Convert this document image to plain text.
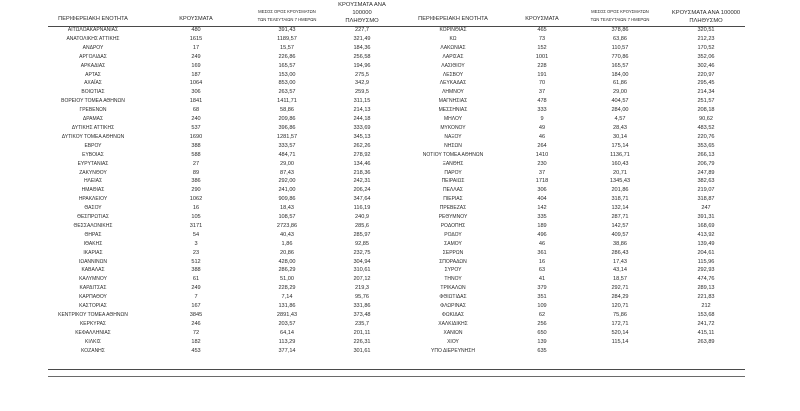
ΠΕΡΙΦΕΡΕΙΑΚΗ ΕΝΟΤΗΤΑ	ΚΡΟΥΣΜΑΤΑ
ΜΕΣΟΣ ΟΡΟΣ ΚΡΟΥΣΜΑΤΩΝ
ΤΩΝ ΤΕΛΕΥΤΑΙΩΝ 7 ΗΜΕΡΩΝ
ΚΡΟΥΣΜΑΤΑ ΑΝΑ 100000
ΠΛΗΘΥΣΜΟ
ΑΙΤΩΛΟΑΚΑΡΝΑΝΙΑΣ	480	391,43	227,7
ΑΝΑΤΟΛΙΚΗΣ ΑΤΤΙΚΗΣ	1615	1189,57	321,49
ΑΝΔΡΟΥ	17	15,57	184,36
ΑΡΓΟΛΙΔΑΣ	249	226,86	256,58
ΑΡΚΑΔΙΑΣ	169	165,57	194,96
ΑΡΤΑΣ	187	153,00	275,5
ΑΧΑΪΑΣ	1064	853,00	342,9
ΒΟΙΩΤΙΑΣ	306	263,57	259,5
ΒΟΡΕΙΟΥ ΤΟΜΕΑ ΑΘΗΝΩΝ	1841	1411,71	311,15
ΓΡΕΒΕΝΩΝ	68	58,86	214,13
ΔΡΑΜΑΣ	240	209,86	244,18
ΔΥΤΙΚΗΣ ΑΤΤΙΚΗΣ	537	396,86	333,69
ΔΥΤΙΚΟΥ ΤΟΜΕΑ ΑΘΗΝΩΝ	1690	1281,57	345,13
ΕΒΡΟΥ	388	333,57	262,26
ΕΥΒΟΙΑΣ	588	484,71	278,92
ΕΥΡΥΤΑΝΙΑΣ	27	29,00	134,46
ΖΑΚΥΝΘΟΥ	89	87,43	218,36
ΗΛΕΙΑΣ	386	292,00	242,31
ΗΜΑΘΙΑΣ	290	241,00	206,24
ΗΡΑΚΛΕΙΟΥ	1062	909,86	347,64
ΘΑΣΟΥ	16	18,43	116,19
ΘΕΣΠΡΩΤΙΑΣ	105	108,57	240,9
ΘΕΣΣΑΛΟΝΙΚΗΣ	3171	2723,86	285,6
ΘΗΡΑΣ	54	40,43	285,97
ΙΘΑΚΗΣ	3	1,86	92,85
ΙΚΑΡΙΑΣ	23	20,86	232,75
ΙΩΑΝΝΙΝΩΝ	512	428,00	304,94
ΚΑΒΑΛΑΣ	388	286,29	310,61
ΚΑΛΥΜΝΟΥ	61	51,00	207,12
ΚΑΡΔΙΤΣΑΣ	249	228,29	219,3
ΚΑΡΠΑΘΟΥ	7	7,14	95,76
ΚΑΣΤΟΡΙΑΣ	167	131,86	331,86
ΚΕΝΤΡΙΚΟΥ ΤΟΜΕΑ ΑΘΗΝΩΝ	3845	2891,43	373,48
ΚΕΡΚΥΡΑΣ	246	203,57	235,7
ΚΕΦΑΛΛΗΝΙΑΣ	72	64,14	201,11
ΚΙΛΚΙΣ	182	113,29	226,31
ΚΟΖΑΝΗΣ	453	377,14	301,61
ΠΕΡΙΦΕΡΕΙΑΚΗ ΕΝΟΤΗΤΑ	ΚΡΟΥΣΜΑΤΑ
ΜΕΣΟΣ ΟΡΟΣ ΚΡΟΥΣΜΑΤΩΝ
ΤΩΝ ΤΕΛΕΥΤΑΙΩΝ 7 ΗΜΕΡΩΝ
ΚΡΟΥΣΜΑΤΑ ΑΝΑ 100000
ΠΛΗΘΥΣΜΟ
ΚΟΡΙΝΘΙΑΣ	465	378,86	320,51
ΚΩ	73	63,86	212,23
ΛΑΚΩΝΙΑΣ	152	110,57	170,52
ΛΑΡΙΣΑΣ	1001	770,86	352,06
ΛΑΣΙΘΙΟΥ	228	165,57	302,46
ΛΕΣΒΟΥ	191	184,00	220,97
ΛΕΥΚΑΔΑΣ	70	61,86	295,45
ΛΗΜΝΟΥ	37	29,00	214,34
ΜΑΓΝΗΣΙΑΣ	478	404,57	251,57
ΜΕΣΣΗΝΙΑΣ	333	284,00	208,18
ΜΗΛΟΥ	9	4,57	90,62
ΜΥΚΟΝΟΥ	49	28,43	483,52
ΝΑΞΟΥ	46	30,14	220,76
ΝΗΣΩΝ	264	175,14	353,65
ΝΟΤΙΟΥ ΤΟΜΕΑ ΑΘΗΝΩΝ	1410	1136,71	266,13
ΞΑΝΘΗΣ	230	160,43	206,79
ΠΑΡΟΥ	37	20,71	247,89
ΠΕΙΡΑΙΩΣ	1718	1345,43	382,63
ΠΕΛΛΑΣ	306	201,86	219,07
ΠΙΕΡΙΑΣ	404	318,71	318,87
ΠΡΕΒΕΖΑΣ	142	132,14	247
ΡΕΘΥΜΝΟΥ	335	287,71	391,31
ΡΟΔΟΠΗΣ	189	142,57	168,69
ΡΟΔΟΥ	496	409,57	413,92
ΣΑΜΟΥ	46	38,86	139,49
ΣΕΡΡΩΝ	361	286,43	204,61
ΣΠΟΡΑΔΩΝ	16	17,43	115,96
ΣΥΡΟΥ	63	43,14	292,93
ΤΗΝΟΥ	41	18,57	474,76
ΤΡΙΚΑΛΩΝ	379	292,71	289,13
ΦΘΙΩΤΙΔΑΣ	351	284,29	221,83
ΦΛΩΡΙΝΑΣ	109	120,71	212
ΦΩΚΙΔΑΣ	62	75,86	153,68
ΧΑΛΚΙΔΙΚΗΣ	256	172,71	241,72
ΧΑΝΙΩΝ	650	520,14	415,11
ΧΙΟΥ	139	115,14	263,89
ΥΠΟ ΔΙΕΡΕΥΝΗΣΗ	635
